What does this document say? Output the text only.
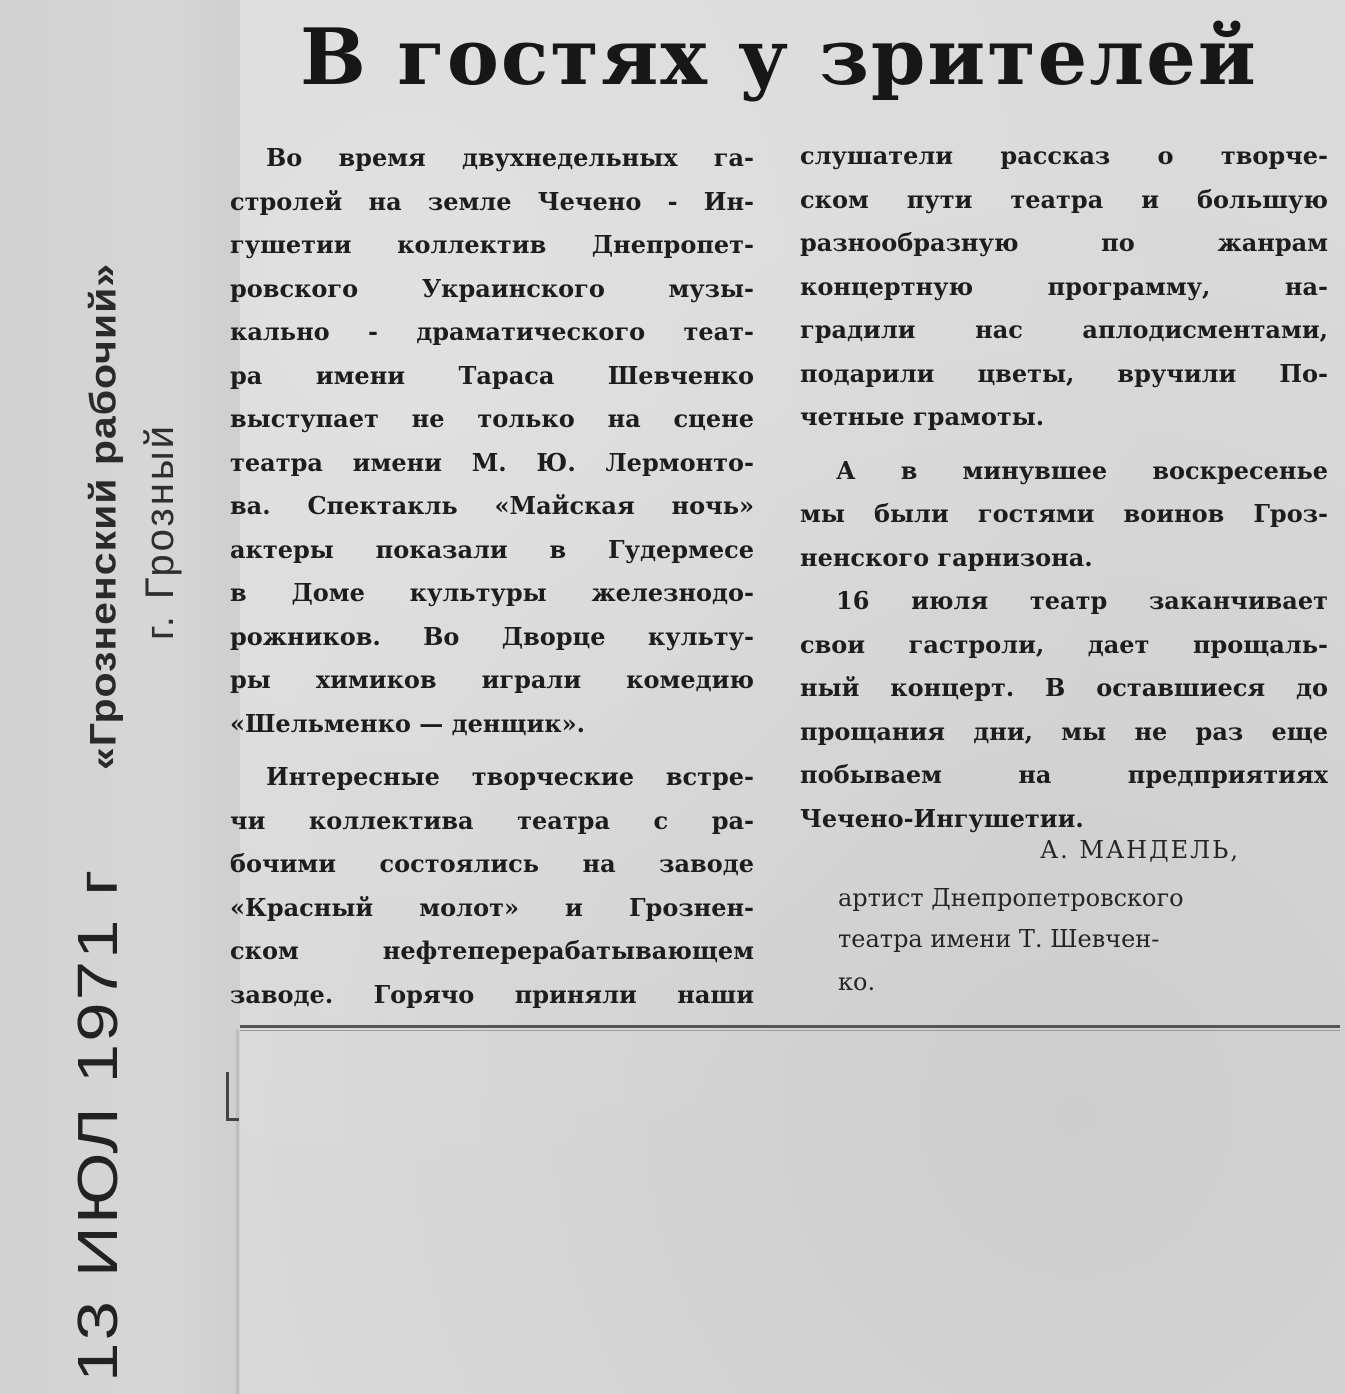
«Грозненский рабочий» г. Грозный
13 ИЮЛ 1971 г
В гостях у зрителей
Во время двухнедельных га-
стролей на земле Чечено - Ин-
гушетии коллектив Днепропет-
ровского Украинского музы-
кально - драматического теат-
ра имени Тараса Шевченко
выступает не только на сцене
театра имени М. Ю. Лермонто-
ва. Спектакль «Майская ночь»
актеры показали в Гудермесе
в Доме культуры железнодо-
рожников. Во Дворце культу-
ры химиков играли комедию
«Шельменко — денщик».
Интересные творческие встре-
чи коллектива театра с ра-
бочими состоялись на заводе
«Красный молот» и Грознен-
ском нефтеперерабатывающем
заводе. Горячо приняли наши
слушатели рассказ о творче-
ском пути театра и большую
разнообразную по жанрам
концертную программу, на-
градили нас аплодисментами,
подарили цветы, вручили По-
четные грамоты.
А в минувшее воскресенье
мы были гостями воинов Гроз-
ненского гарнизона.
16 июля театр заканчивает
свои гастроли, дает прощаль-
ный концерт. В оставшиеся до
прощания дни, мы не раз еще
побываем на предприятиях
Чечено-Ингушетии.
А. МАНДЕЛЬ,
артист Днепропетровского
театра имени Т. Шевчен-
ко.
